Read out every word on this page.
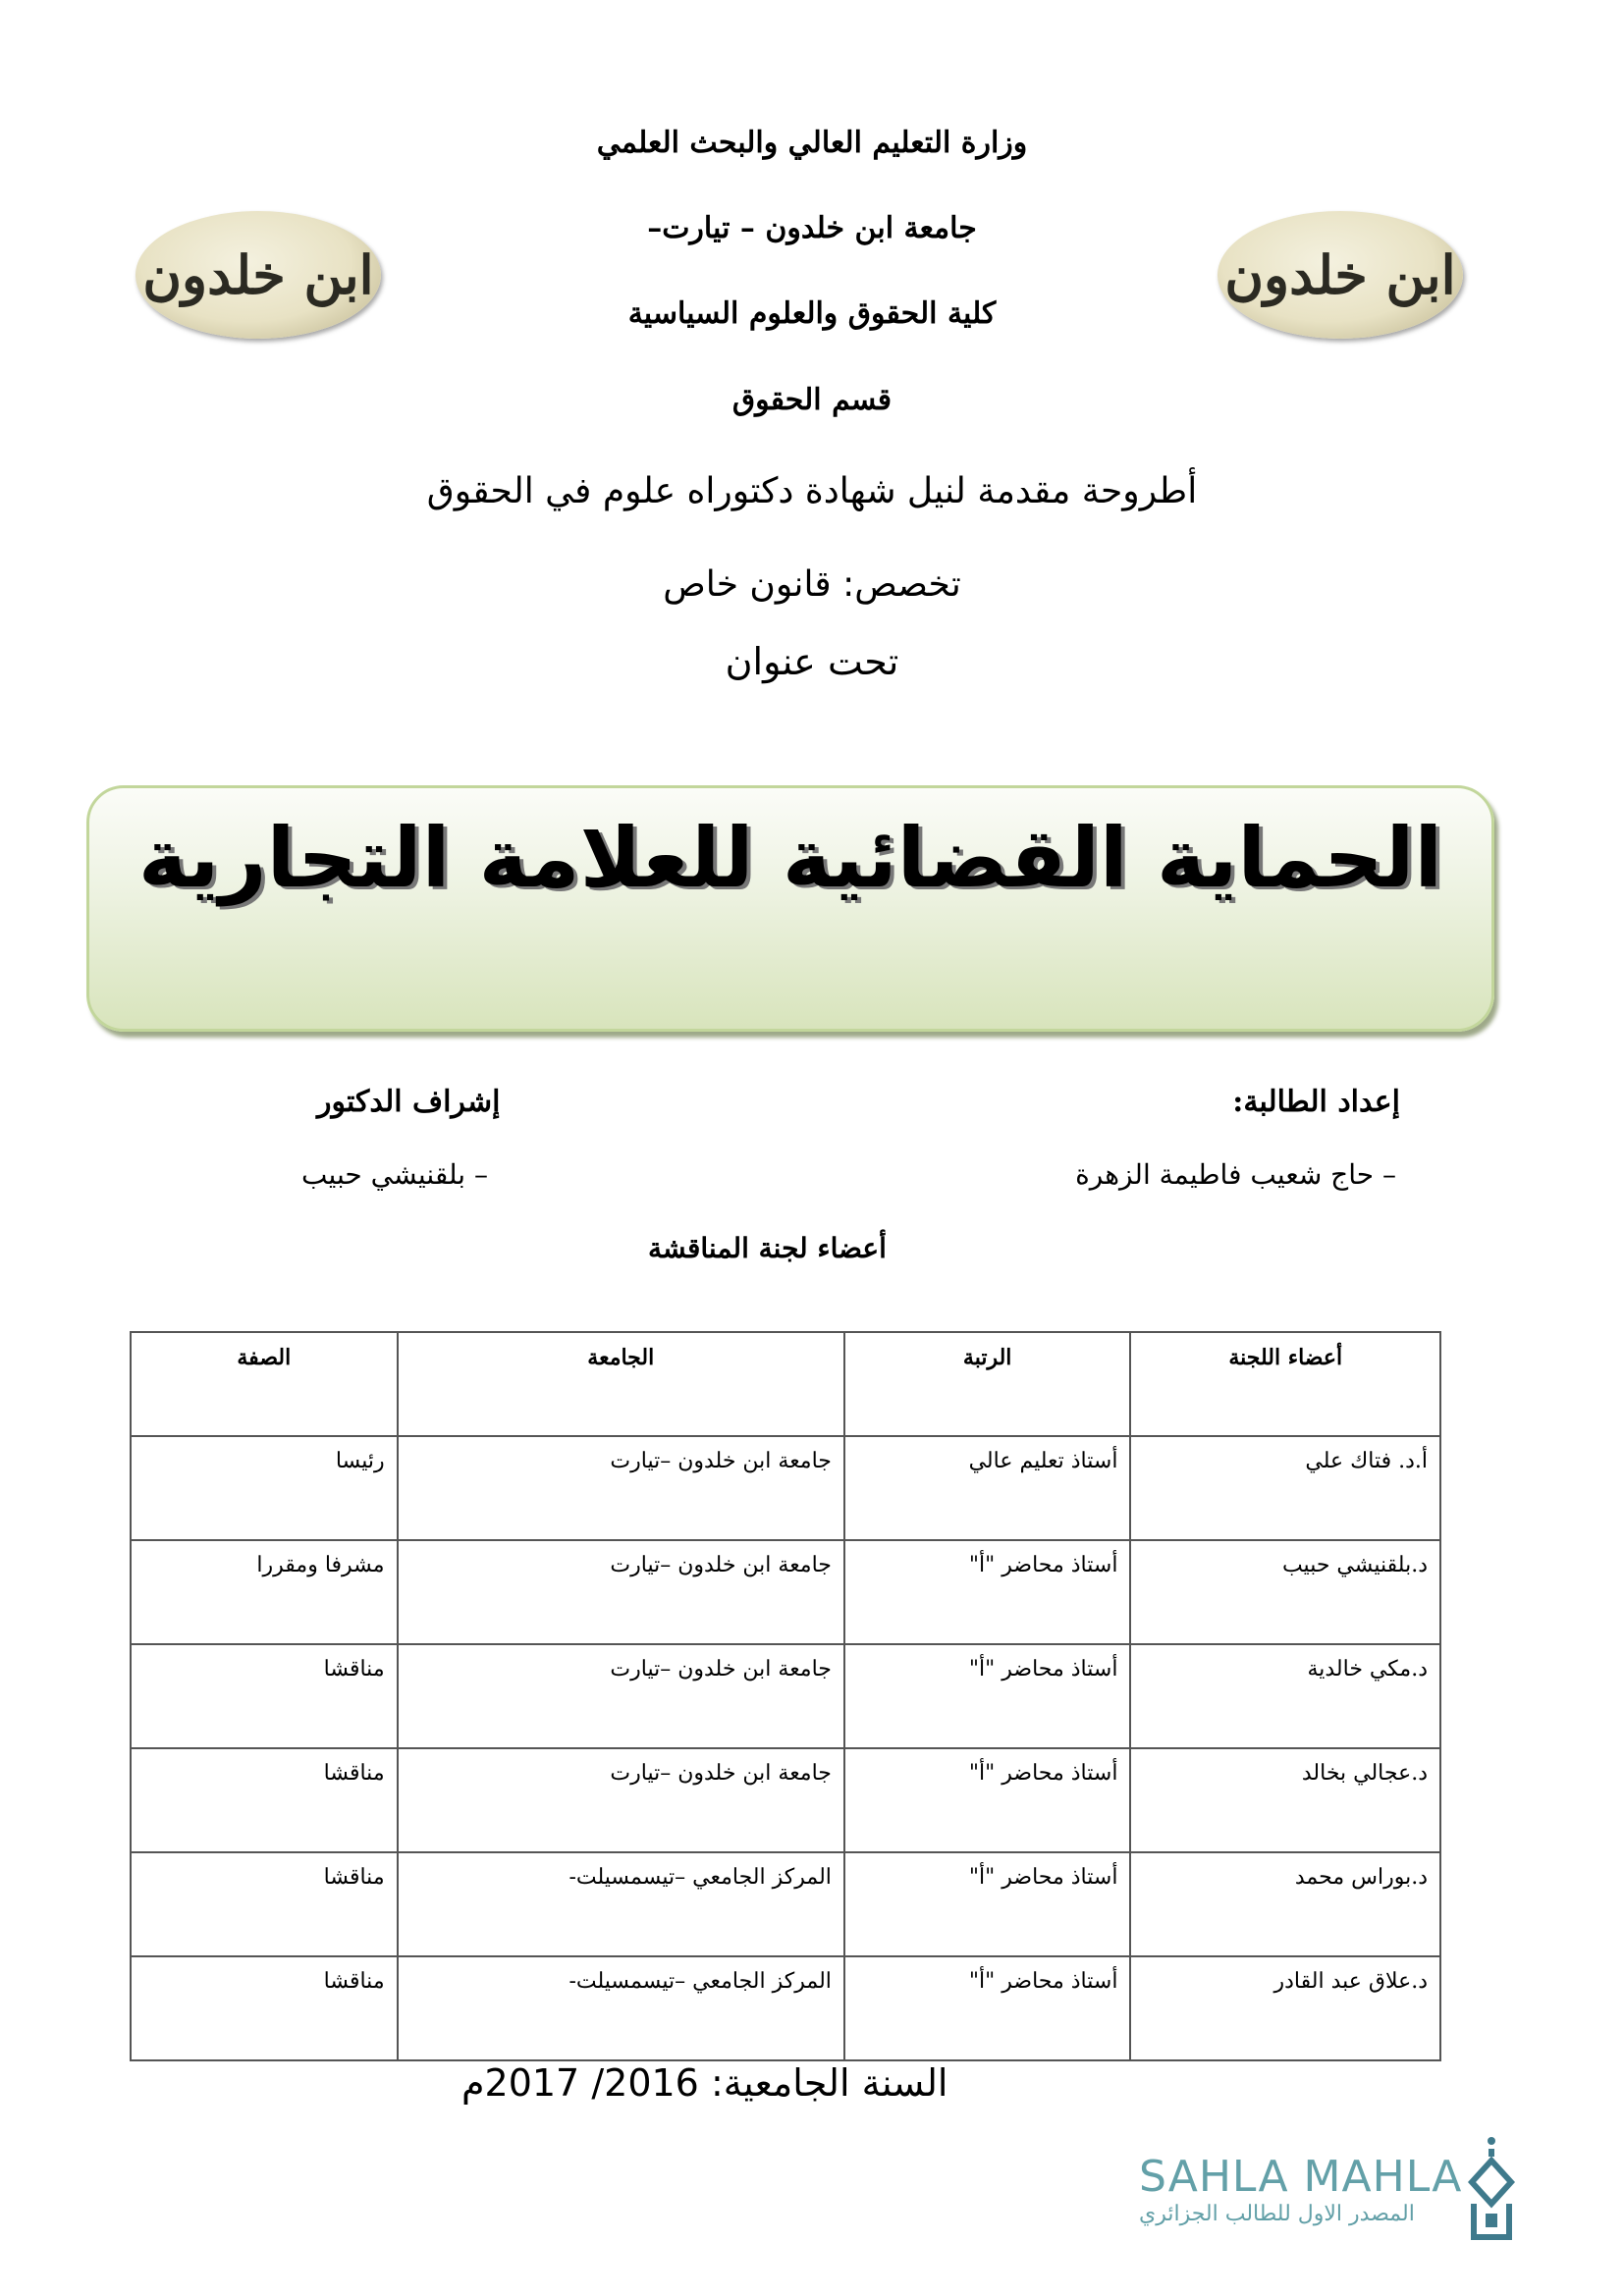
ابن خلدون	ابن خلدون
وزارة التعليم العالي والبحث العلمي
جامعة ابن خلدون – تيارت–
كلية الحقوق والعلوم السياسية
قسم الحقوق
أطروحة مقدمة لنيل شهادة دكتوراه علوم في الحقوق
تخصص: قانون خاص
تحت عنوان
الحماية القضائية للعلامة التجارية
إعداد الطالبة:
– حاج شعيب فاطيمة الزهرة
إشراف الدكتور
– بلقنيشي حبيب
أعضاء لجنة المناقشة
أعضاء اللجنة	الرتبة	الجامعة	الصفة
أ.د. فتاك علي	أستاذ تعليم عالي	جامعة ابن خلدون –تيارت	رئيسا
د.بلقنيشي حبيب	أستاذ محاضر "أ"	جامعة ابن خلدون –تيارت	مشرفا ومقررا
د.مكي خالدية	أستاذ محاضر "أ"	جامعة ابن خلدون –تيارت	مناقشا
د.عجالي بخالد	أستاذ محاضر "أ"	جامعة ابن خلدون –تيارت	مناقشا
د.بوراس محمد	أستاذ محاضر "أ"	المركز الجامعي –تيسمسيلت-	مناقشا
د.علاق عبد القادر	أستاذ محاضر "أ"	المركز الجامعي –تيسمسيلت-	مناقشا
السنة الجامعية: 2016/ 2017م
SAHLA MAHLA
المصدر الاول للطالب الجزائري
